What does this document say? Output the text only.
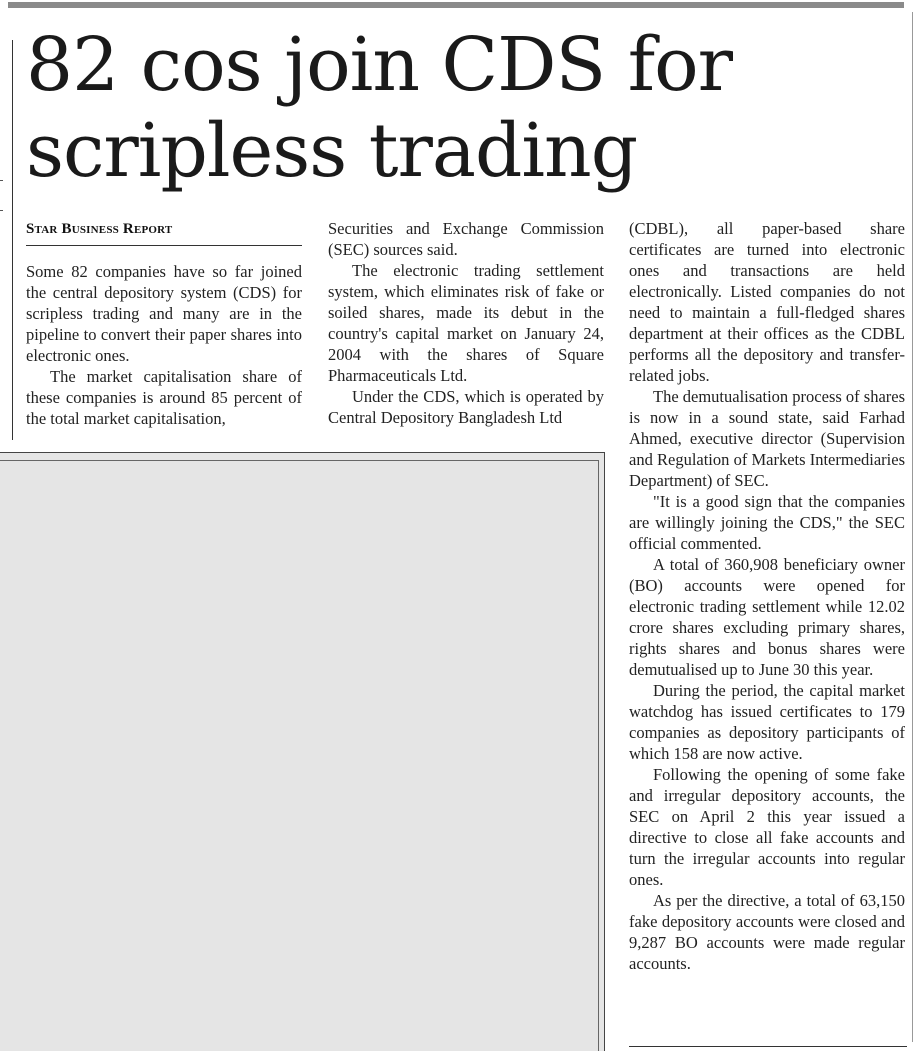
82 cos join CDS for
scripless trading
Star Business Report

Some 82 companies have so far joined the central depository system (CDS) for scripless trading and many are in the pipeline to convert their paper shares into electronic ones.

The market capitalisation share of these companies is around 85 percent of the total market capitalisation,

Securities and Exchange Commission (SEC) sources said.

The electronic trading settlement system, which eliminates risk of fake or soiled shares, made its debut in the country's capital market on January 24, 2004 with the shares of Square Pharmaceuticals Ltd.

Under the CDS, which is operated by Central Depository Bangladesh Ltd

(CDBL), all paper-based share certificates are turned into electronic ones and transactions are held electronically. Listed companies do not need to maintain a full-fledged shares department at their offices as the CDBL performs all the depository and transfer-related jobs.

The demutualisation process of shares is now in a sound state, said Farhad Ahmed, executive director (Supervision and Regulation of Markets Intermediaries Department) of SEC.

"It is a good sign that the companies are willingly joining the CDS," the SEC official commented.

A total of 360,908 beneficiary owner (BO) accounts were opened for electronic trading settlement while 12.02 crore shares excluding primary shares, rights shares and bonus shares were demutualised up to June 30 this year.

During the period, the capital market watchdog has issued certificates to 179 companies as depository participants of which 158 are now active.

Following the opening of some fake and irregular depository accounts, the SEC on April 2 this year issued a directive to close all fake accounts and turn the irregular accounts into regular ones.

As per the directive, a total of 63,150 fake depository accounts were closed and 9,287 BO accounts were made regular accounts.
